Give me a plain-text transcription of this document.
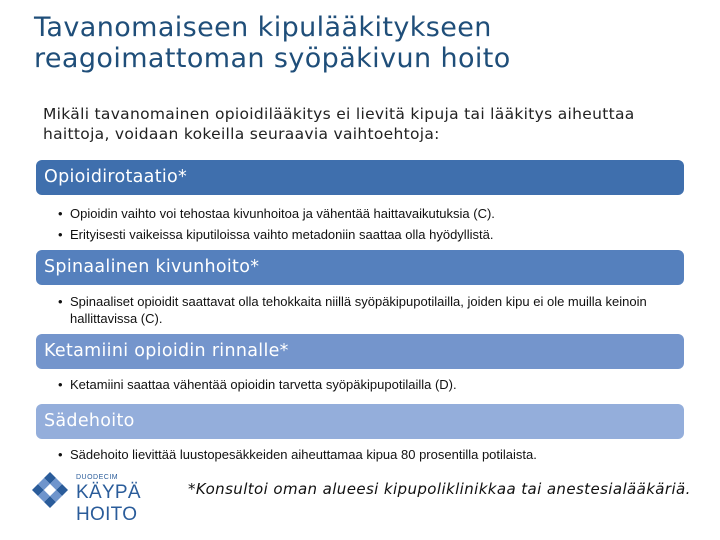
Tavanomaiseen kipulääkitykseen reagoimattoman syöpäkivun hoito
Mikäli tavanomainen opioidilääkitys ei lievitä kipuja tai lääkitys aiheuttaa haittoja, voidaan kokeilla seuraavia vaihtoehtoja:
Opioidirotaatio*
• Opioidin vaihto voi tehostaa kivunhoitoa ja vähentää haittavaikutuksia (C).
• Erityisesti vaikeissa kiputiloissa vaihto metadoniin saattaa olla hyödyllistä.
Spinaalinen kivunhoito*
• Spinaaliset opioidit saattavat olla tehokkaita niillä syöpäkipupotilailla, joiden kipu ei ole muilla keinoin hallittavissa (C).
Ketamiini opioidin rinnalle*
• Ketamiini saattaa vähentää opioidin tarvetta syöpäkipupotilailla (D).
Sädehoito
• Sädehoito lievittää luustopesäkkeiden aiheuttamaa kipua 80 prosentilla potilaista.
DUODECIM
KÄYPÄ HOITO
*Konsultoi oman alueesi kipupoliklinikkaa tai anestesialääkäriä.
